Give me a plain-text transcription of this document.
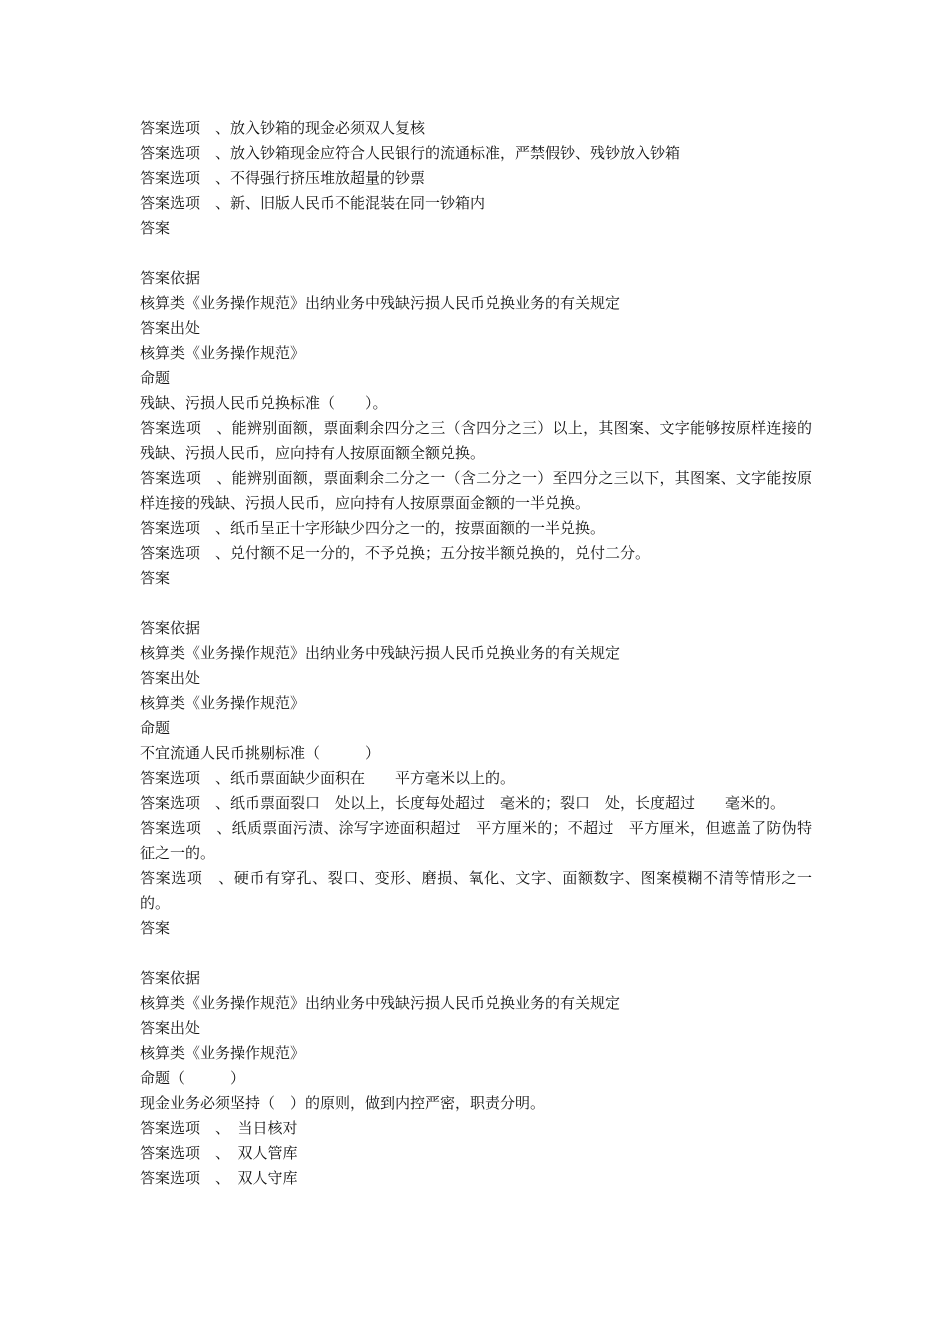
答案选项　、放入钞箱的现金必须双人复核

答案选项　、放入钞箱现金应符合人民银行的流通标准，严禁假钞、残钞放入钞箱

答案选项　、不得强行挤压堆放超量的钞票

答案选项　、新、旧版人民币不能混装在同一钞箱内

答案

答案依据

核算类《业务操作规范》出纳业务中残缺污损人民币兑换业务的有关规定

答案出处

核算类《业务操作规范》

命题

残缺、污损人民币兑换标准（　　）。

答案选项　、能辨别面额，票面剩余四分之三（含四分之三）以上，其图案、文字能够按原样连接的残缺、污损人民币，应向持有人按原面额全额兑换。

答案选项　、能辨别面额，票面剩余二分之一（含二分之一）至四分之三以下，其图案、文字能按原样连接的残缺、污损人民币，应向持有人按原票面金额的一半兑换。

答案选项　、纸币呈正十字形缺少四分之一的，按票面额的一半兑换。

答案选项　、兑付额不足一分的，不予兑换；五分按半额兑换的，兑付二分。

答案

答案依据

核算类《业务操作规范》出纳业务中残缺污损人民币兑换业务的有关规定

答案出处

核算类《业务操作规范》

命题

不宜流通人民币挑剔标准（　　　）

答案选项　、纸币票面缺少面积在　　平方毫米以上的。

答案选项　、纸币票面裂口　处以上，长度每处超过　毫米的；裂口　处，长度超过　　毫米的。

答案选项　、纸质票面污渍、涂写字迹面积超过　平方厘米的；不超过　平方厘米，但遮盖了防伪特征之一的。

答案选项　、硬币有穿孔、裂口、变形、磨损、氧化、文字、面额数字、图案模糊不清等情形之一的。

答案

答案依据

核算类《业务操作规范》出纳业务中残缺污损人民币兑换业务的有关规定

答案出处

核算类《业务操作规范》

命题（　　　）

现金业务必须坚持（　）的原则，做到内控严密，职责分明。

答案选项　、　当日核对

答案选项　、　双人管库

答案选项　、　双人守库
